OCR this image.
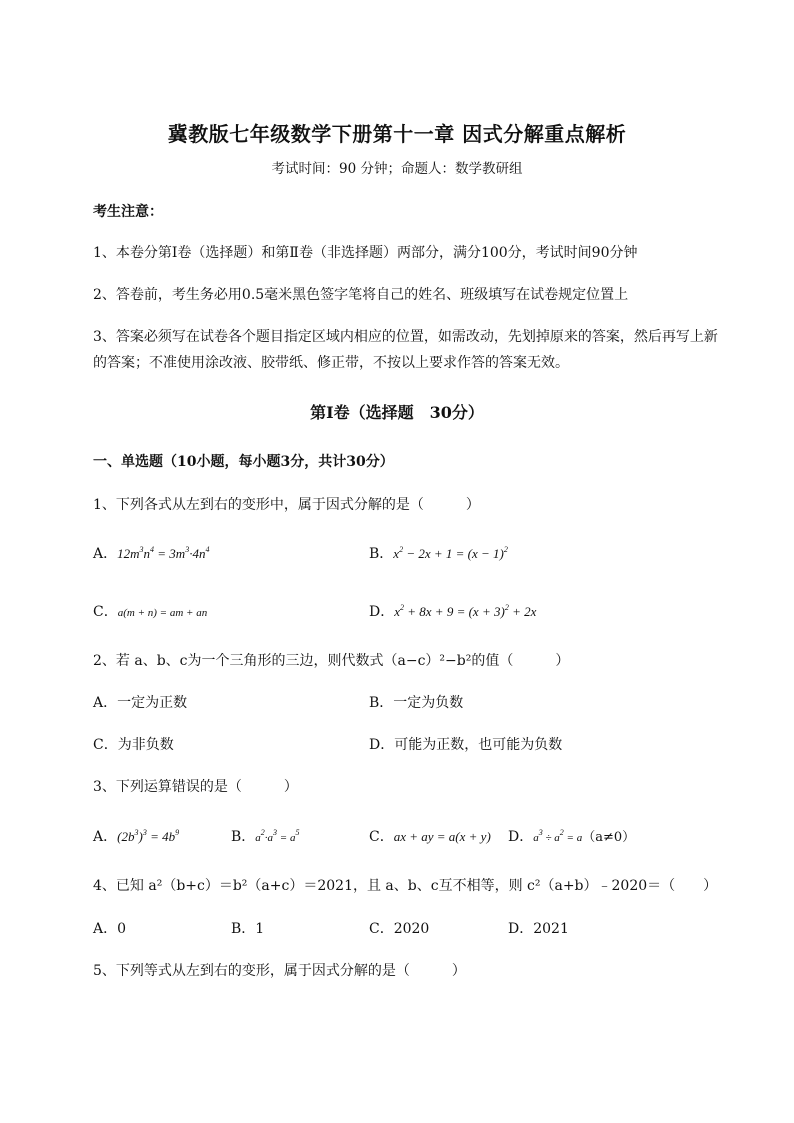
冀教版七年级数学下册第十一章 因式分解重点解析
考试时间：90 分钟；命题人：数学教研组
考生注意：
1、本卷分第Ⅰ卷（选择题）和第Ⅱ卷（非选择题）两部分，满分100分，考试时间90分钟
2、答卷前，考生务必用0.5毫米黑色签字笔将自己的姓名、班级填写在试卷规定位置上
3、答案必须写在试卷各个题目指定区域内相应的位置，如需改动，先划掉原来的答案，然后再写上新
的答案；不准使用涂改液、胶带纸、修正带，不按以上要求作答的答案无效。
第Ⅰ卷（选择题　30分）
一、单选题（10小题，每小题3分，共计30分）
1、下列各式从左到右的变形中，属于因式分解的是（　　　）
A．$12m^3n^4 = 3m^3\cdot 4n^4$	B．$x^2 - 2x + 1 = (x - 1)^2$
C．a(m + n) = am + an	D．$x^2 + 8x + 9 = (x + 3)^2 + 2x$
2、若 a、b、c为一个三角形的三边，则代数式（a−c）²−b²的值（　　　）
A．一定为正数	B．一定为负数
C．为非负数	D．可能为正数，也可能为负数
3、下列运算错误的是（　　　）
A．$(2b^3)^3 = 4b^9$	B．$a^2\cdot a^3 = a^5$	C．ax + ay = a(x + y) D．$a^3 \div a^2 = a(a\ne 0)$
4、已知 a²（b+c）＝b²（a+c）＝2021，且 a、b、c互不相等，则 c²（a+b）﹣2020＝（　　）
A．0	B．1	C．2020	D．2021
5、下列等式从左到右的变形，属于因式分解的是（　　　）
